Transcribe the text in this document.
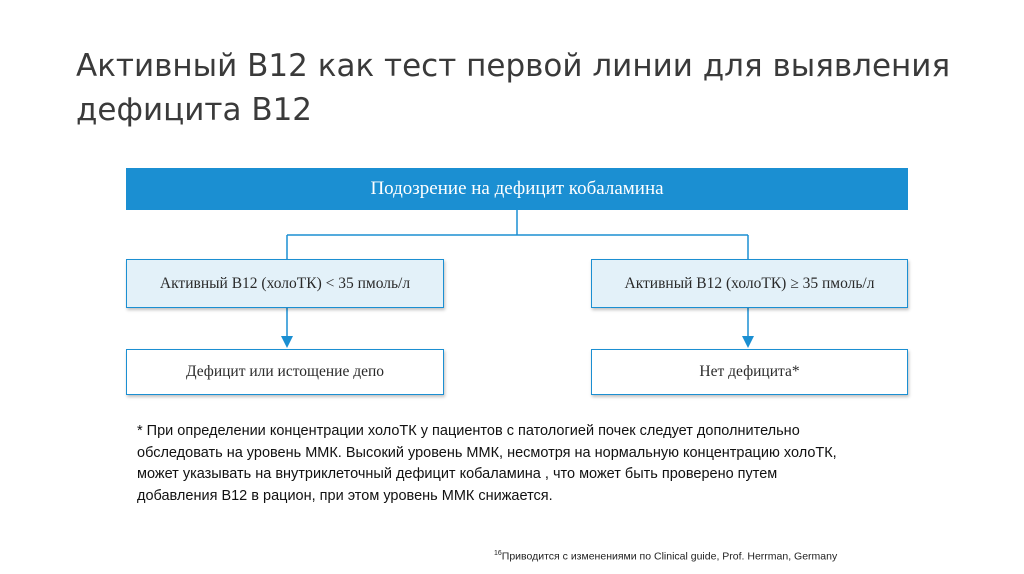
Активный B12 как тест первой линии для выявления дефицита B12
Подозрение на дефицит кобаламина
Активный B12 (холоТК) < 35 пмоль/л	Активный B12 (холоТК) ≥ 35 пмоль/л
Дефицит или истощение депо	Нет дефицита*

* При определении концентрации холоТК у пациентов с патологией почек следует дополнительно обследовать на уровень ММК. Высокий уровень ММК, несмотря на нормальную концентрацию холоТК, может указывать на внутриклеточный дефицит кобаламина , что может быть проверено путем добавления B12 в рацион, при этом уровень ММК снижается.

$^{16}$Приводится с изменениями по Clinical guide, Prof. Herrman, Germany
